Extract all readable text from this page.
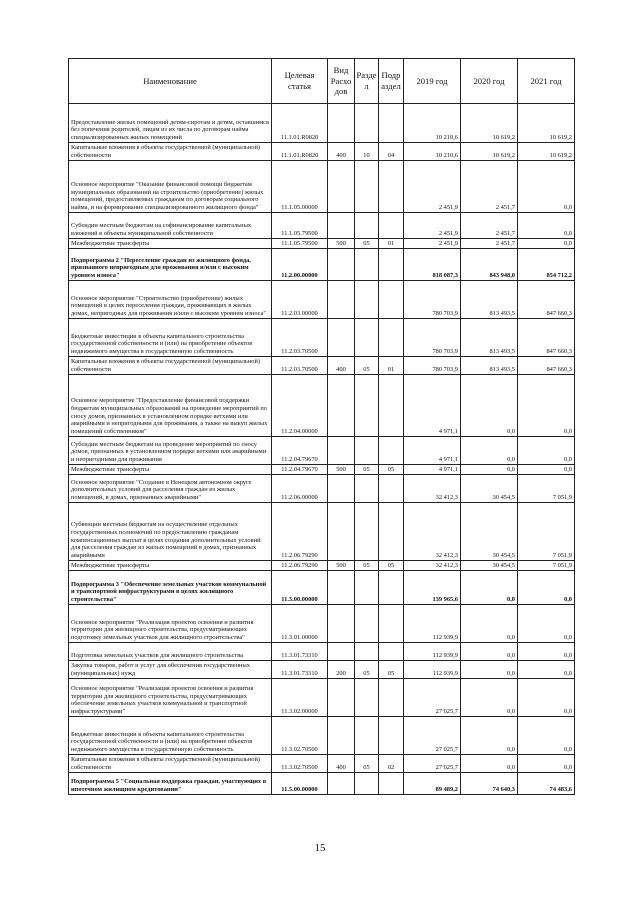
Наименование	Целевая статья	Вид Расхо дов	Разде л	Подр аздел	2019 год	2020 год	2021 год
Предоставление жилых помещений детям-сиротам и детям, оставшимся без попечения родителей, лицам из их числа по договорам найма специализированных жилых помещений	11.1.01.R0820				10 210,6	10 619,2	10 619,2
Капитальные вложения в объекты государственной (муниципальной) собственности	11.1.01.R0820	400	10	04	10 210,6	10 619,2	10 619,2
Основное мероприятие "Оказание финансовой помощи бюджетам муниципальных образований на строительство (приобретение) жилых помещений, предоставляемых гражданам по договорам социального найма, и на формирование специализированного жилищного фонда"	11.1.05.00000				2 451,9	2 451,7	0,0
Субсидии местным бюджетам на софинансирование капитальных вложений в объекты муниципальной собственности	11.1.05.79500				2 451,9	2 451,7	0,0
Межбюджетные трансферты	11.1.05.79500	500	05	01	2 451,9	2 451,7	0,0
Подпрограмма 2 "Переселение граждан из жилищного фонда, признанного непригодным для проживания и/или с высоким уровнем износа"	11.2.00.00000				818 087,3	843 948,0	854 712,2
Основное мероприятие "Строительство (приобретение) жилых помещений в целях переселения граждан, проживающих в жилых домах, непригодных для проживания и/или с высоким уровнем износа"	11.2.03.00000				780 703,9	813 493,5	847 660,3
Бюджетные инвестиции в объекты капитального строительства государственной собственности и (или) на приобретение объектов недвижимого имущества в государственную собственность	11.2.03.70500				780 703,9	813 493,5	847 660,3
Капитальные вложения в объекты государственной (муниципальной) собственности	11.2.03.70500	400	05	01	780 703,9	813 493,5	847 660,3
Основное мероприятие "Предоставление финансовой поддержки бюджетам муниципальных образований на проведение мероприятий по сносу домов, признанных в установленном порядке ветхими или аварийными и непригодными для проживания, а также на выкуп жилых помещений собственников"	11.2.04.00000				4 971,1	0,0	0,0
Субсидии местным бюджетам на проведение мероприятий по сносу домов, признанных в установленном порядке ветхими или аварийными и непригодными для проживания	11.2.04.79670				4 971,1	0,0	0,0
Межбюджетные трансферты	11.2.04.79670	500	05	05	4 971,1	0,0	0,0
Основное мероприятие "Создание в Ненецком автономном округе дополнительных условий для расселения граждан из жилых помещений, в домах, признанных аварийными"	11.2.06.00000				32 412,3	30 454,5	7 051,9
Субвенции местным бюджетам на осуществление отдельных государственных полномочий по предоставлению гражданам компенсационных выплат в целях создания дополнительных условий для расселения граждан из жилых помещений в домах, признанных аварийными	11.2.06.79290				32 412,3	30 454,5	7 051,9
Межбюджетные трансферты	11.2.06.79290	500	05	05	32 412,3	30 454,5	7 051,9
Подпрограмма 3 "Обеспечение земельных участков коммунальной и транспортной инфраструктурами в целях жилищного строительства"	11.3.00.00000				139 965,6	0,0	0,0
Основное мероприятие "Реализация проектов освоения и развития территории для жилищного строительства, предусматривающих подготовку земельных участков для жилищного строительства"	11.3.01.00000				112 939,9	0,0	0,0
Подготовка земельных участков для жилищного строительства	11.3.01.73310				112 939,9	0,0	0,0
Закупка товаров, работ и услуг для обеспечения государственных (муниципальных) нужд	11.3.01.73310	200	05	05	112 939,9	0,0	0,0
Основное мероприятие "Реализация проектов освоения и развития территории для жилищного строительства, предусматривающих обеспечение земельных участков коммунальной и транспортной инфраструктурами"	11.3.02.00000				27 025,7	0,0	0,0
Бюджетные инвестиции в объекты капитального строительства государственной собственности и (или) на приобретение объектов недвижимого имущества в государственную собственность	11.3.02.70500				27 025,7	0,0	0,0
Капитальные вложения в объекты государственной (муниципальной) собственности	11.3.02.70500	400	05	02	27 025,7	0,0	0,0
Подпрограмма 5 "Социальная поддержка граждан, участвующих в ипотечном жилищном кредитовании"	11.5.00.00000				89 489,2	74 640,3	74 483,6
15
